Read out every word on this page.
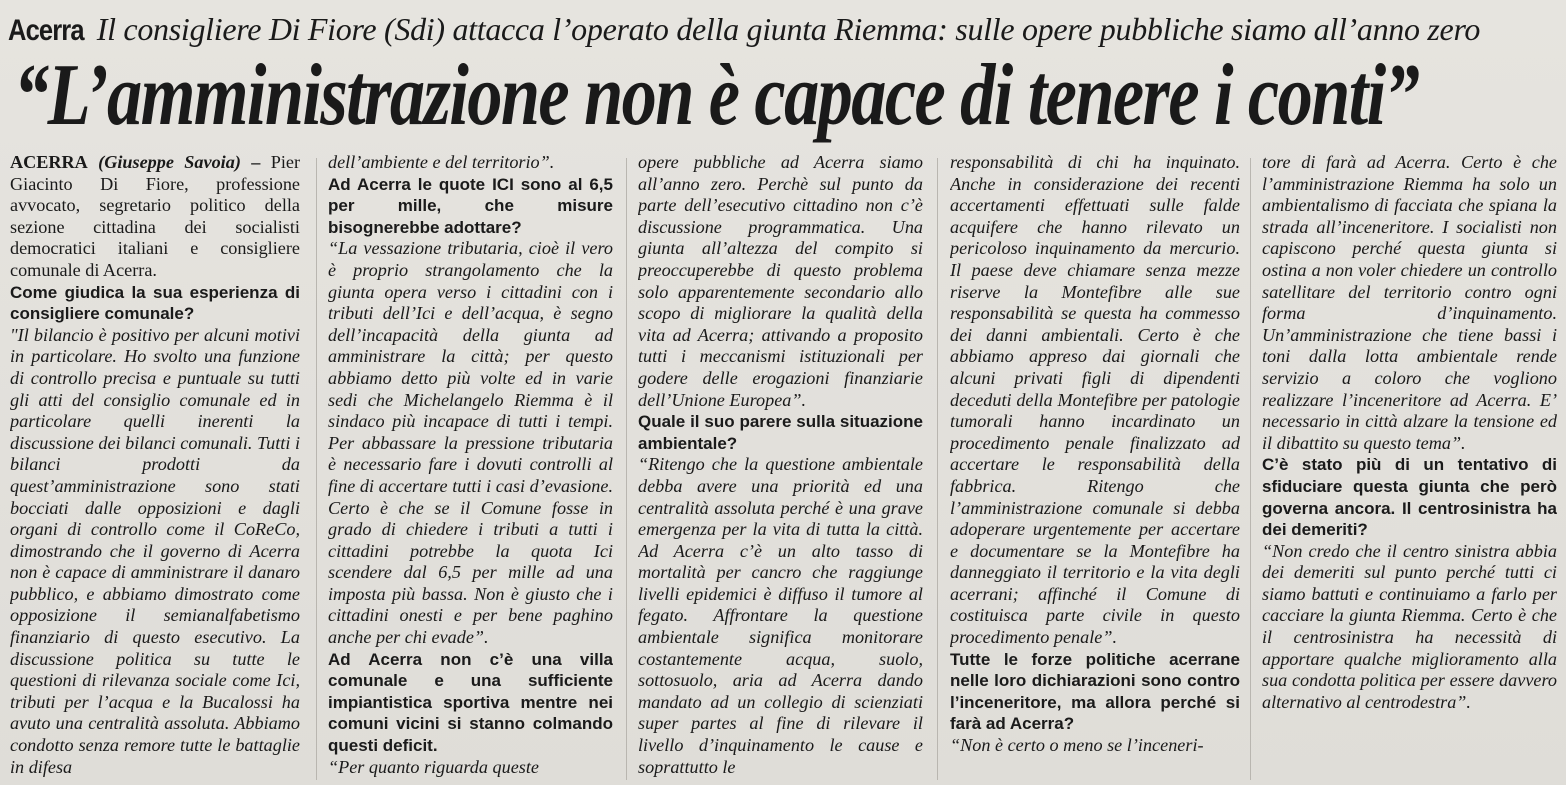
Acerra Il consigliere Di Fiore (Sdi) attacca l’operato della giunta Riemma: sulle opere pubbliche siamo all’anno zero
“L’amministrazione non è capace di tenere i conti”

ACERRA (Giuseppe Savoia) – Pier Giacinto Di Fiore, professione avvocato, segretario politico della sezione cittadina dei socialisti democratici italiani e consigliere comunale di Acerra.

Come giudica la sua esperienza di consigliere comunale?

"Il bilancio è positivo per alcuni motivi in particolare. Ho svolto una funzione di controllo precisa e puntuale su tutti gli atti del consiglio comunale ed in particolare quelli inerenti la discussione dei bilanci comunali. Tutti i bilanci prodotti da quest’amministrazione sono stati bocciati dalle opposizioni e dagli organi di controllo come il CoReCo, dimostrando che il governo di Acerra non è capace di amministrare il danaro pubblico, e abbiamo dimostrato come opposizione il semianalfabetismo finanziario di questo esecutivo. La discussione politica su tutte le questioni di rilevanza sociale come Ici, tributi per l’acqua e la Bucalossi ha avuto una centralità assoluta. Abbiamo condotto senza remore tutte le battaglie in difesa

dell’ambiente e del territorio”.

Ad Acerra le quote ICI sono al 6,5 per mille, che misure bisognerebbe adottare?

“La vessazione tributaria, cioè il vero è proprio strangolamento che la giunta opera verso i cittadini con i tributi dell’Ici e dell’acqua, è segno dell’incapacità della giunta ad amministrare la città; per questo abbiamo detto più volte ed in varie sedi che Michelangelo Riemma è il sindaco più incapace di tutti i tempi. Per abbassare la pressione tributaria è necessario fare i dovuti controlli al fine di accertare tutti i casi d’evasione. Certo è che se il Comune fosse in grado di chiedere i tributi a tutti i cittadini potrebbe la quota Ici scendere dal 6,5 per mille ad una imposta più bassa. Non è giusto che i cittadini onesti e per bene paghino anche per chi evade”.

Ad Acerra non c’è una villa comunale e una sufficiente impiantistica sportiva mentre nei comuni vicini si stanno colmando questi deficit.

“Per quanto riguarda queste

opere pubbliche ad Acerra siamo all’anno zero. Perchè sul punto da parte dell’esecutivo cittadino non c’è discussione programmatica. Una giunta all’altezza del compito si preoccuperebbe di questo problema solo apparentemente secondario allo scopo di migliorare la qualità della vita ad Acerra; attivando a proposito tutti i meccanismi istituzionali per godere delle erogazioni finanziarie dell’Unione Europea”.

Quale il suo parere sulla situazione ambientale?

“Ritengo che la questione ambientale debba avere una priorità ed una centralità assoluta perché è una grave emergenza per la vita di tutta la città. Ad Acerra c’è un alto tasso di mortalità per cancro che raggiunge livelli epidemici è diffuso il tumore al fegato. Affrontare la questione ambientale significa monitorare costantemente acqua, suolo, sottosuolo, aria ad Acerra dando mandato ad un collegio di scienziati super partes al fine di rilevare il livello d’inquinamento le cause e soprattutto le

responsabilità di chi ha inquinato. Anche in considerazione dei recenti accertamenti effettuati sulle falde acquifere che hanno rilevato un pericoloso inquinamento da mercurio. Il paese deve chiamare senza mezze riserve la Montefibre alle sue responsabilità se questa ha commesso dei danni ambientali. Certo è che abbiamo appreso dai giornali che alcuni privati figli di dipendenti deceduti della Montefibre per patologie tumorali hanno incardinato un procedimento penale finalizzato ad accertare le responsabilità della fabbrica. Ritengo che l’amministrazione comunale si debba adoperare urgentemente per accertare e documentare se la Montefibre ha danneggiato il territorio e la vita degli acerrani; affinché il Comune di costituisca parte civile in questo procedimento penale”.

Tutte le forze politiche acerrane nelle loro dichiarazioni sono contro l’inceneritore, ma allora perché si farà ad Acerra?

“Non è certo o meno se l’inceneri-

tore di farà ad Acerra. Certo è che l’amministrazione Riemma ha solo un ambientalismo di facciata che spiana la strada all’inceneritore. I socialisti non capiscono perché questa giunta si ostina a non voler chiedere un controllo satellitare del territorio contro ogni forma d’inquinamento. Un’amministrazione che tiene bassi i toni dalla lotta ambientale rende servizio a coloro che vogliono realizzare l’inceneritore ad Acerra. E’ necessario in città alzare la tensione ed il dibattito su questo tema”.

C’è stato più di un tentativo di sfiduciare questa giunta che però governa ancora. Il centrosinistra ha dei demeriti?

“Non credo che il centro sinistra abbia dei demeriti sul punto perché tutti ci siamo battuti e continuiamo a farlo per cacciare la giunta Riemma. Certo è che il centrosinistra ha necessità di apportare qualche miglioramento alla sua condotta politica per essere davvero alternativo al centrodestra”.
